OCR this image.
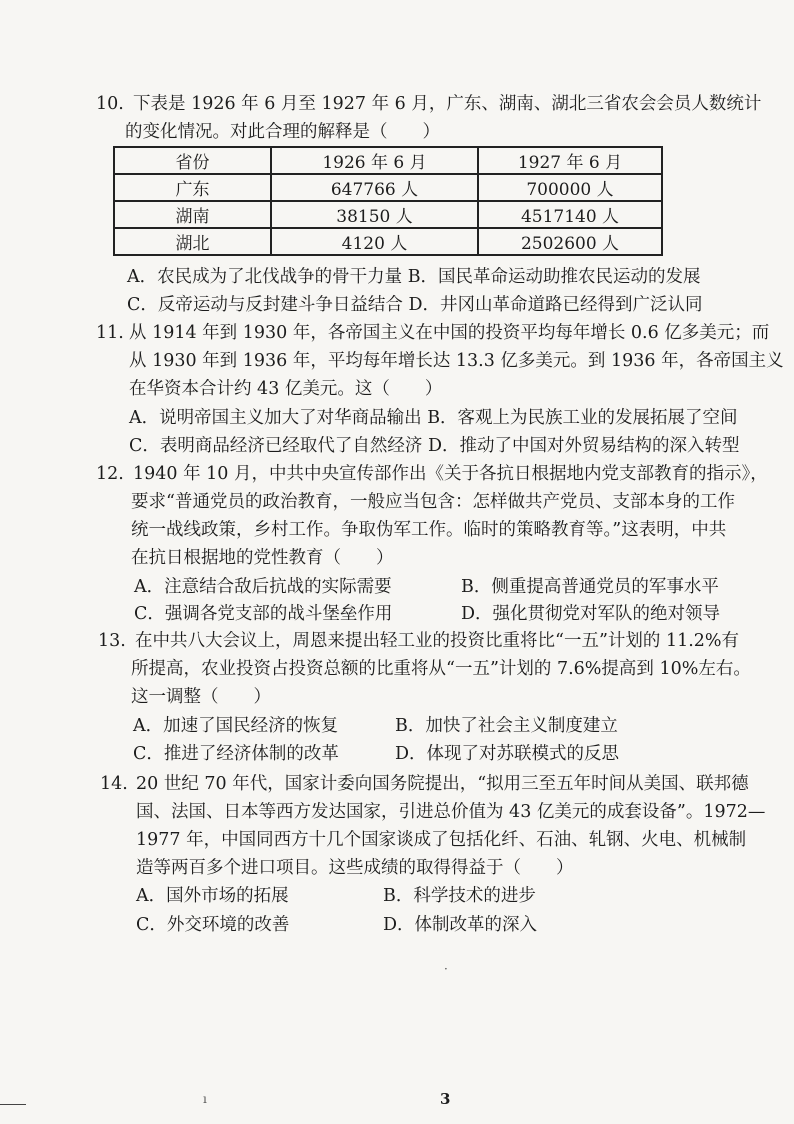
10. 下表是 1926 年 6 月至 1927 年 6 月，广东、湖南、湖北三省农会会员人数统计
的变化情况。对此合理的解释是（　　）
省份	1926 年 6 月	1927 年 6 月
广东	647766 人	700000 人
湖南	38150 人	4517140 人
湖北	4120 人	2502600 人
A．农民成为了北伐战争的骨干力量 B．国民革命运动助推农民运动的发展
C．反帝运动与反封建斗争日益结合 D．井冈山革命道路已经得到广泛认同
11. 从 1914 年到 1930 年，各帝国主义在中国的投资平均每年增长 0.6 亿多美元；而
从 1930 年到 1936 年，平均每年增长达 13.3 亿多美元。到 1936 年，各帝国主义
在华资本合计约 43 亿美元。这（　　）
A．说明帝国主义加大了对华商品输出 B．客观上为民族工业的发展拓展了空间
C．表明商品经济已经取代了自然经济 D．推动了中国对外贸易结构的深入转型
12. 1940 年 10 月，中共中央宣传部作出《关于各抗日根据地内党支部教育的指示》，
要求“普通党员的政治教育，一般应当包含：怎样做共产党员、支部本身的工作
统一战线政策，乡村工作。争取伪军工作。临时的策略教育等。”这表明，中共
在抗日根据地的党性教育（　　）
A．注意结合敌后抗战的实际需要	B．侧重提高普通党员的军事水平
C．强调各党支部的战斗堡垒作用	D．强化贯彻党对军队的绝对领导
13. 在中共八大会议上，周恩来提出轻工业的投资比重将比“一五”计划的 11.2%有
所提高，农业投资占投资总额的比重将从“一五”计划的 7.6%提高到 10%左右。
这一调整（　　）
A．加速了国民经济的恢复	B．加快了社会主义制度建立
C．推进了经济体制的改革	D．体现了对苏联模式的反思
14. 20 世纪 70 年代，国家计委向国务院提出，“拟用三至五年时间从美国、联邦德
国、法国、日本等西方发达国家，引进总价值为 43 亿美元的成套设备”。1972—
1977 年，中国同西方十几个国家谈成了包括化纤、石油、轧钢、火电、机械制
造等两百多个进口项目。这些成绩的取得得益于（　　）
A．国外市场的拓展	B．科学技术的进步
C．外交环境的改善	D．体制改革的深入
·
ı	3
